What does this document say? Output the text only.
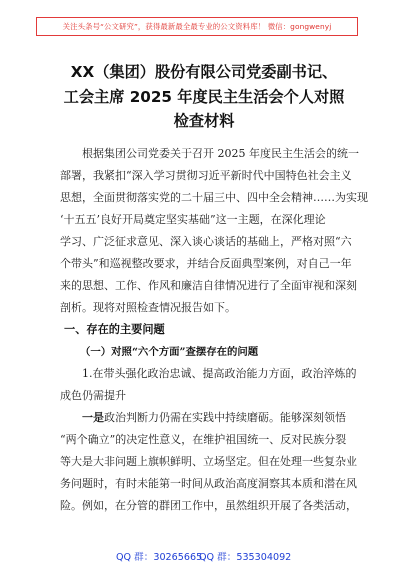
关注头条号“公文研究”，获得最新最全最专业的公文资料库！ 微信：gongwenyj
XX（集团）股份有限公司党委副书记、
工会主席 2025 年度民主生活会个人对照
检查材料
根据集团公司党委关于召开 2025 年度民主生活会的统一
部署，我紧扣“深入学习贯彻习近平新时代中国特色社会主义
思想，全面贯彻落实党的二十届三中、四中全会精神……为实现
‘十五五’良好开局奠定坚实基础”这一主题，在深化理论
学习、广泛征求意见、深入谈心谈话的基础上，严格对照“六
个带头”和巡视整改要求，并结合反面典型案例，对自己一年
来的思想、工作、作风和廉洁自律情况进行了全面审视和深刻
剖析。现将对照检查情况报告如下。
一、存在的主要问题
（一）对照“六个方面”查摆存在的问题
1.在带头强化政治忠诚、提高政治能力方面，政治淬炼的
成色仍需提升
一是政治判断力仍需在实践中持续磨砺。能够深刻领悟
“两个确立”的决定性意义，在维护祖国统一、反对民族分裂
等大是大非问题上旗帜鲜明、立场坚定。但在处理一些复杂业
务问题时，有时未能第一时间从政治高度洞察其本质和潜在风
险。例如，在分管的群团工作中，虽然组织开展了各类活动，
QQ 群：30265665
QQ 群：535304092
